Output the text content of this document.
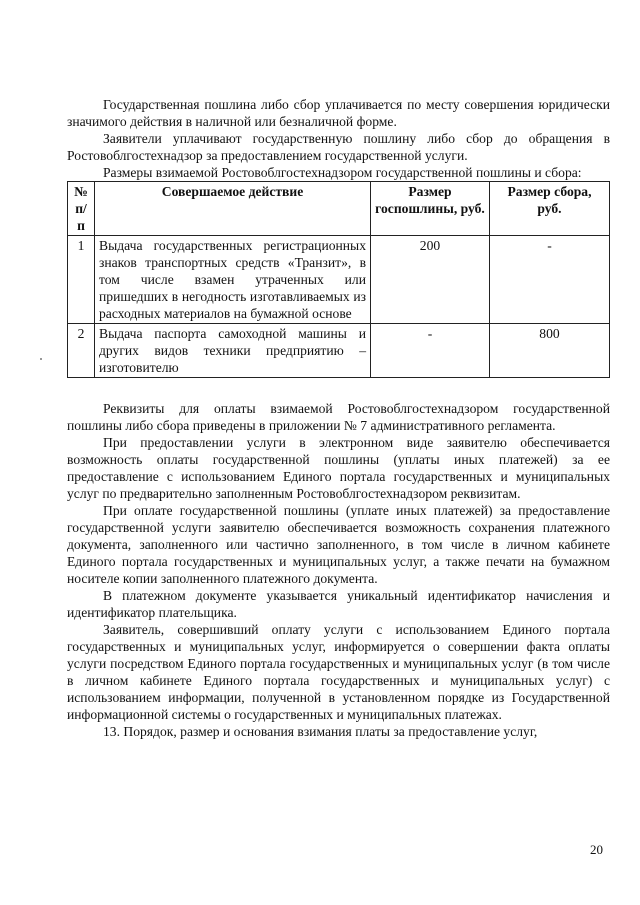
Государственная пошлина либо сбор уплачивается по месту совершения юридически значимого действия в наличной или безналичной форме.

Заявители уплачивают государственную пошлину либо сбор до обращения в Ростовоблгостехнадзор за предоставлением государственной услуги.

Размеры взимаемой Ростовоблгостехнадзором государственной пошлины и сбора:

№ п/п	Совершаемое действие	Размер госпошлины, руб.	Размер сбора, руб.
1	Выдача государственных регистрационных знаков транспортных средств «Транзит», в том числе взамен утраченных или пришедших в негодность изготавливаемых из расходных материалов на бумажной основе	200	-
2	Выдача паспорта самоходной машины и других видов техники предприятию – изготовителю	-	800

Реквизиты для оплаты взимаемой Ростовоблгостехнадзором государственной пошлины либо сбора приведены в приложении № 7 административного регламента.

При предоставлении услуги в электронном виде заявителю обеспечивается возможность оплаты государственной пошлины (уплаты иных платежей) за ее предоставление с использованием Единого портала государственных и муниципальных услуг по предварительно заполненным Ростовоблгостехнадзором реквизитам.

При оплате государственной пошлины (уплате иных платежей) за предоставление государственной услуги заявителю обеспечивается возможность сохранения платежного документа, заполненного или частично заполненного, в том числе в личном кабинете Единого портала государственных и муниципальных услуг, а также печати на бумажном носителе копии заполненного платежного документа.

В платежном документе указывается уникальный идентификатор начисления и идентификатор плательщика.

Заявитель, совершивший оплату услуги с использованием Единого портала государственных и муниципальных услуг, информируется о совершении факта оплаты услуги посредством Единого портала государственных и муниципальных услуг (в том числе в личном кабинете Единого портала государственных и муниципальных услуг) с использованием информации, полученной в установленном порядке из Государственной информационной системы о государственных и муниципальных платежах.

13. Порядок, размер и основания взимания платы за предоставление услуг,

20
